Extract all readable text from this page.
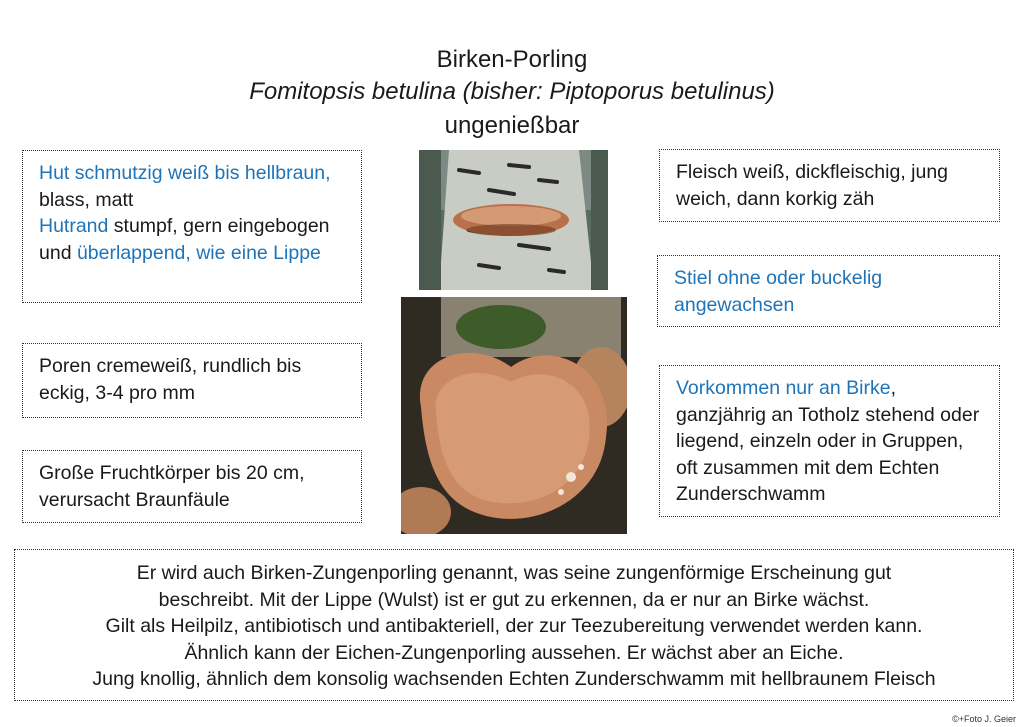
Birken-Porling
Fomitopsis betulina (bisher: Piptoporus betulinus)
ungenießbar
Hut schmutzig weiß bis hellbraun, blass, matt
Hutrand stumpf, gern eingebogen und überlappend, wie eine Lippe
Poren cremeweiß, rundlich bis eckig, 3-4 pro mm
Große Fruchtkörper bis 20 cm, verursacht Braunfäule
Fleisch weiß, dickfleischig, jung weich, dann korkig zäh
Stiel ohne oder buckelig angewachsen
Vorkommen nur an Birke, ganzjährig an Totholz stehend oder liegend, einzeln oder in Gruppen, oft zusammen mit dem Echten Zunderschwamm
Er wird auch Birken-Zungenporling genannt, was seine zungenförmige Erscheinung gut
beschreibt. Mit der Lippe (Wulst) ist er gut zu erkennen, da er nur an Birke wächst.
Gilt als Heilpilz, antibiotisch und antibakteriell, der zur Teezubereitung verwendet werden kann.
Ähnlich kann der Eichen-Zungenporling aussehen. Er wächst aber an Eiche.
Jung knollig, ähnlich dem konsolig wachsenden Echten Zunderschwamm mit hellbraunem Fleisch
©+Foto J. Geier
